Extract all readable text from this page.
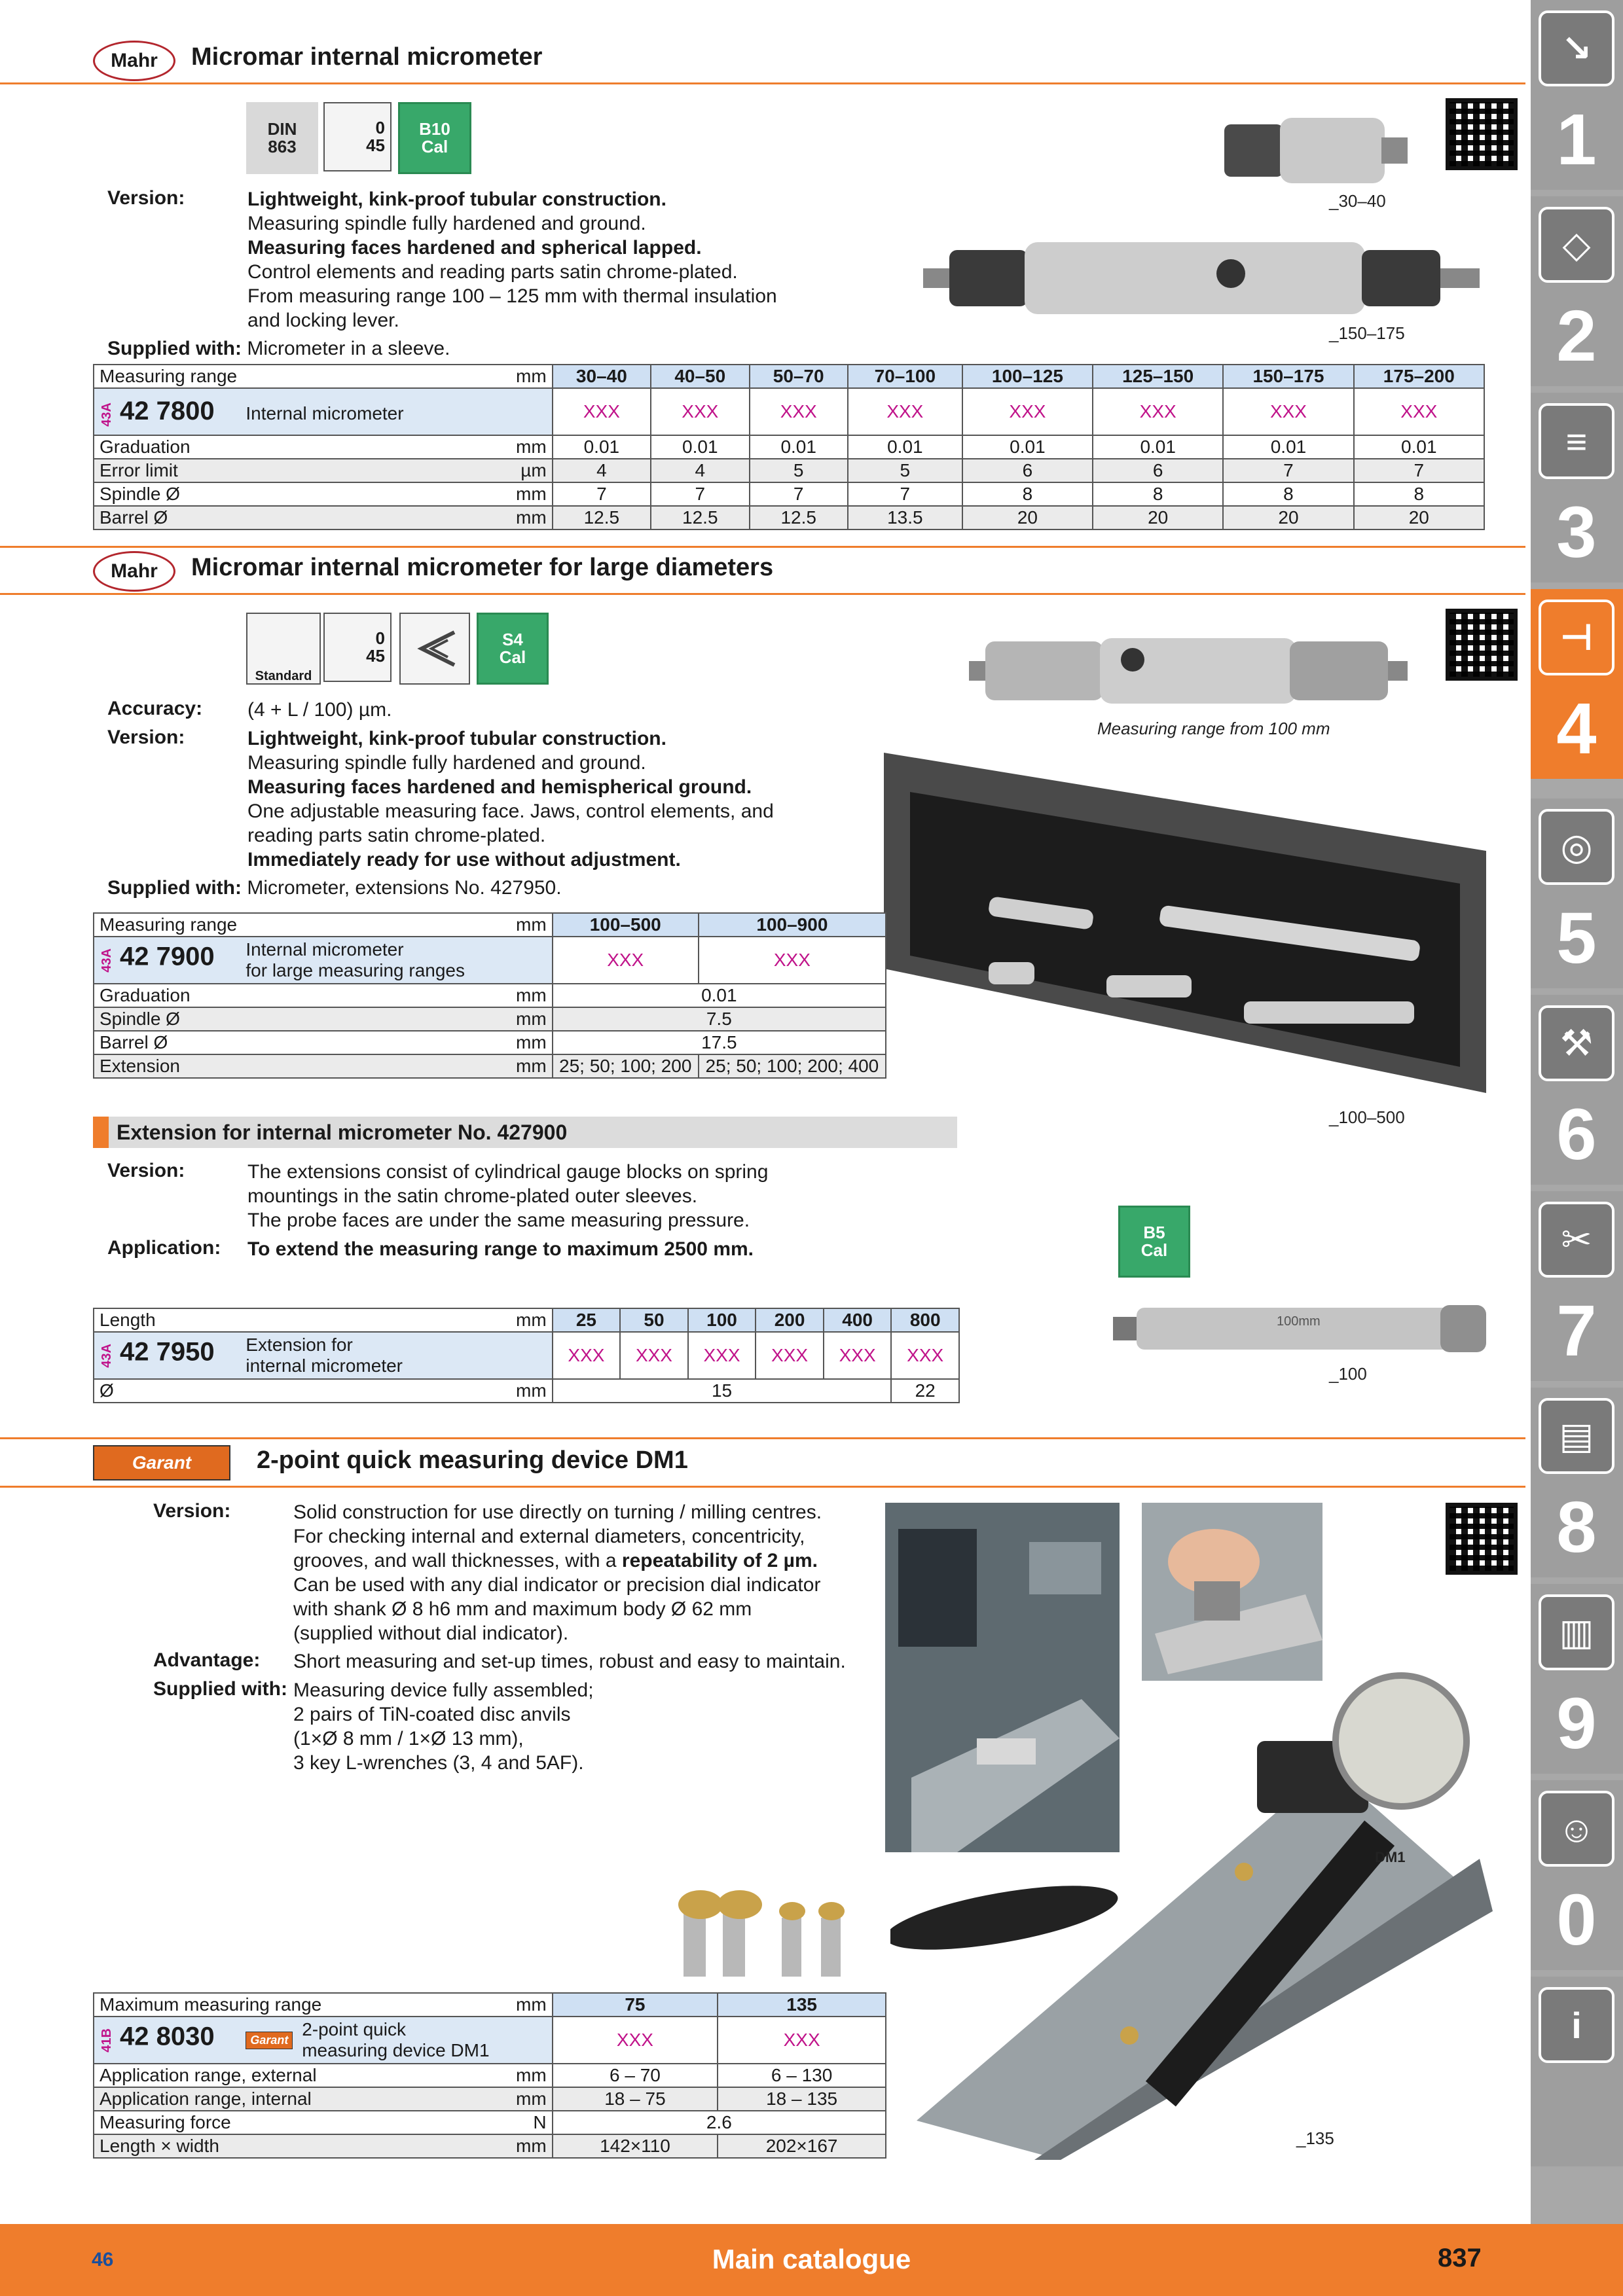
↘
1
◇
2
≡
3
⊣
4
◎
5
⚒
6
✂
7
▤
8
▥
9
☺
0
i
Mahr	Micromar internal micrometer
DIN
863
0
45
B10
Cal
Version:	Lightweight, kink-proof tubular construction.
Measuring spindle fully hardened and ground.
Measuring faces hardened and spherical lapped.
Control elements and reading parts satin chrome-plated.
From measuring range 100 – 125 mm with thermal insulation
and locking lever.
Supplied with: Micrometer in a sleeve.
_30–40
_150–175
Measuring range	mm	30–40	40–50	50–70	70–100	100–125	125–150	150–175	175–200
43A 42 7800 Internal micrometer		XXX	XXX	XXX	XXX	XXX	XXX	XXX	XXX
Graduation	mm	0.01	0.01	0.01	0.01	0.01	0.01	0.01	0.01
Error limit	µm	4	4	5	5	6	6	7	7
Spindle Ø	mm	7	7	7	7	8	8	8	8
Barrel Ø	mm	12.5	12.5	12.5	13.5	20	20	20	20
Mahr	Micromar internal micrometer for large diameters
Standard
0
45
S4
Cal
Accuracy: (4 + L / 100) µm.
Version:	Lightweight, kink-proof tubular construction.
Measuring spindle fully hardened and ground.
Measuring faces hardened and hemispherical ground.
One adjustable measuring face. Jaws, control elements, and
reading parts satin chrome-plated.
Immediately ready for use without adjustment.
Supplied with: Micrometer, extensions No. 427950.
Measuring range from 100 mm
_100–500
Measuring range	mm	100–500	100–900
43A 42 7900 Internal micrometer
for large measuring ranges		XXX	XXX
Graduation	mm	0.01	
Spindle Ø	mm	7.5	
Barrel Ø	mm	17.5	
Extension	mm	25; 50; 100; 200	25; 50; 100; 200; 400
Extension for internal micrometer No. 427900
Version:	The extensions consist of cylindrical gauge blocks on spring
mountings in the satin chrome-plated outer sleeves.
The probe faces are under the same measuring pressure.
Application: To extend the measuring range to maximum 2500 mm.
B5
Cal
100mm
_100
Length	mm	25	50	100	200	400	800
43A 42 7950 Extension for
internal micrometer		XXX	XXX	XXX	XXX	XXX	XXX
Ø	mm	15					22
Garant	2-point quick measuring device DM1
Version:	Solid construction for use directly on turning / milling centres.
For checking internal and external diameters, concentricity,
grooves, and wall thicknesses, with a repeatability of 2 µm.
Can be used with any dial indicator or precision dial indicator
with shank Ø 8 h6 mm and maximum body Ø 62 mm
(supplied without dial indicator).
Advantage: Short measuring and set-up times, robust and easy to maintain.
Supplied with: Measuring device fully assembled;
2 pairs of TiN-coated disc anvils
(1×Ø 8 mm / 1×Ø 13 mm),
3 key L-wrenches (3, 4 and 5AF).
DM1
_135
Maximum measuring range	mm	75	135
41B 42 8030 Garant 2-point quick
measuring device DM1		XXX	XXX
Application range, external	mm	6 – 70	6 – 130
Application range, internal	mm	18 – 75	18 – 135
Measuring force	N	2.6	
Length × width	mm	142×110	202×167
46	Main catalogue	837
